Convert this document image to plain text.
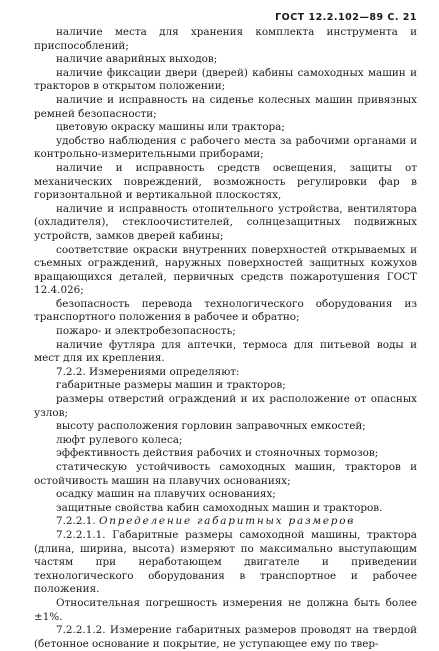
ГОСТ 12.2.102—89 С. 21

наличие места для хранения комплекта инструмента и приспособлений;

наличие аварийных выходов;

наличие фиксации двери (дверей) кабины самоходных машин и тракторов в открытом положении;

наличие и исправность на сиденье колесных машин привязных ремней безопасности;

цветовую окраску машины или трактора;

удобство наблюдения с рабочего места за рабочими органами и контрольно-измерительными приборами;

наличие и исправность средств освещения, защиты от механических повреждений, возможность регулировки фар в горизонтальной и вертикальной плоскостях,

наличие и исправность отопительного устройства, вентилятора (охладителя), стеклоочистителей, солнцезащитных подвижных устройств, замков дверей кабины;

соответствие окраски внутренних поверхностей открываемых и съемных ограждений, наружных поверхностей защитных кожухов вращающихся деталей, первичных средств пожаротушения ГОСТ 12.4.026;

безопасность перевода технологического оборудования из транспортного положения в рабочее и обратно;

пожаро- и электробезопасность;

наличие футляра для аптечки, термоса для питьевой воды и мест для их крепления.

7.2.2. Измерениями определяют:

габаритные размеры машин и тракторов;

размеры отверстий ограждений и их расположение от опасных узлов;

высоту расположения горловин заправочных емкостей;

люфт рулевого колеса;

эффективность действия рабочих и стояночных тормозов;

статическую устойчивость самоходных машин, тракторов и остойчивость машин на плавучих основаниях;

осадку машин на плавучих основаниях;

защитные свойства кабин самоходных машин и тракторов.

7.2.2.1. Определение габаритных размеров

7.2.2.1.1. Габаритные размеры самоходной машины, трактора (длина, ширина, высота) измеряют по максимально выступающим частям при неработающем двигателе и приведении технологического оборудования в транспортное и рабочее положения.

Относительная погрешность измерения не должна быть более ±1%.

7.2.2.1.2. Измерение габаритных размеров проводят на твердой (бетонное основание и покрытие, не уступающее ему по твер-
